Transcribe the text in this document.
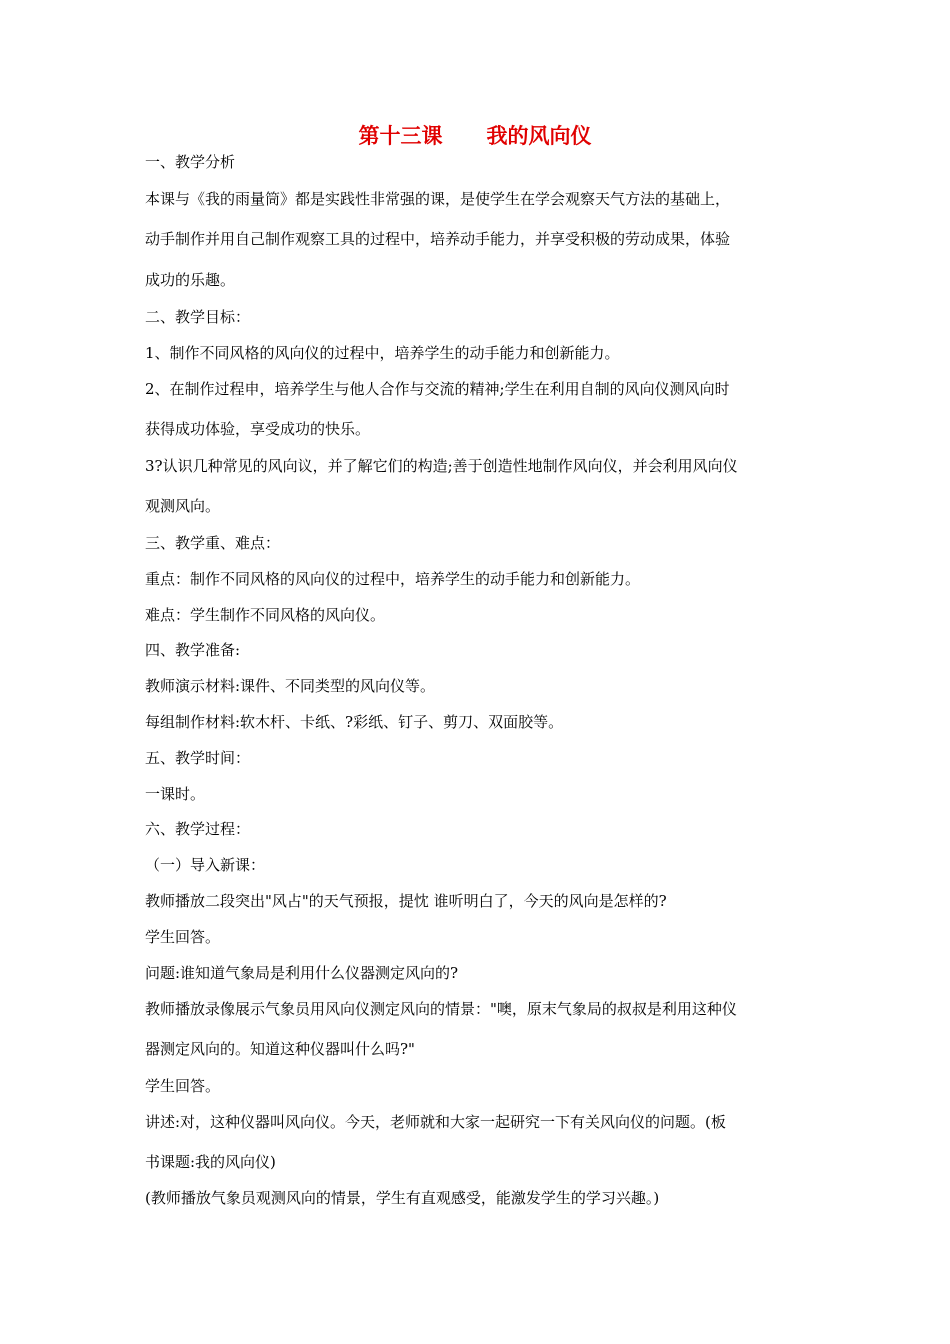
第十三课 我的风向仪
一、教学分析
本课与《我的雨量筒》都是实践性非常强的课，是使学生在学会观察天气方法的基础上，
动手制作并用自己制作观察工具的过程中，培养动手能力，并享受积极的劳动成果，体验
成功的乐趣。
二、教学目标：
1、制作不同风格的风向仪的过程中，培养学生的动手能力和创新能力。
2、在制作过程申，培养学生与他人合作与交流的精神;学生在利用自制的风向仪测风向时
获得成功体验，享受成功的快乐。
3?认识几种常见的风向议，并了解它们的构造;善于创造性地制作风向仪，并会利用风向仪
观测风向。
三、教学重、难点：
重点：制作不同风格的风向仪的过程中，培养学生的动手能力和创新能力。
难点：学生制作不同风格的风向仪。
四、教学准备:
教师演示材料:课件、不同类型的风向仪等。
每组制作材料:软木杆、卡纸、?彩纸、钉子、剪刀、双面胶等。
五、教学时间：
一课时。
六、教学过程：
（一）导入新课：
教师播放二段突出"风占"的天气预报，提忱 谁听明白了，今天的风向是怎样的?
学生回答。
问题:谁知道气象局是利用什么仪器测定风向的?
教师播放录像展示气象员用风向仪测定风向的情景："噢，原末气象局的叔叔是利用这种仪
器测定风向的。知道这种仪器叫什么吗?"
学生回答。
讲述:对，这种仪器叫风向仪。今天，老师就和大家一起研究一下有关风向仪的问题。(板
书课题:我的风向仪)
(教师播放气象员观测风向的情景，学生有直观感受，能激发学生的学习兴趣。)
